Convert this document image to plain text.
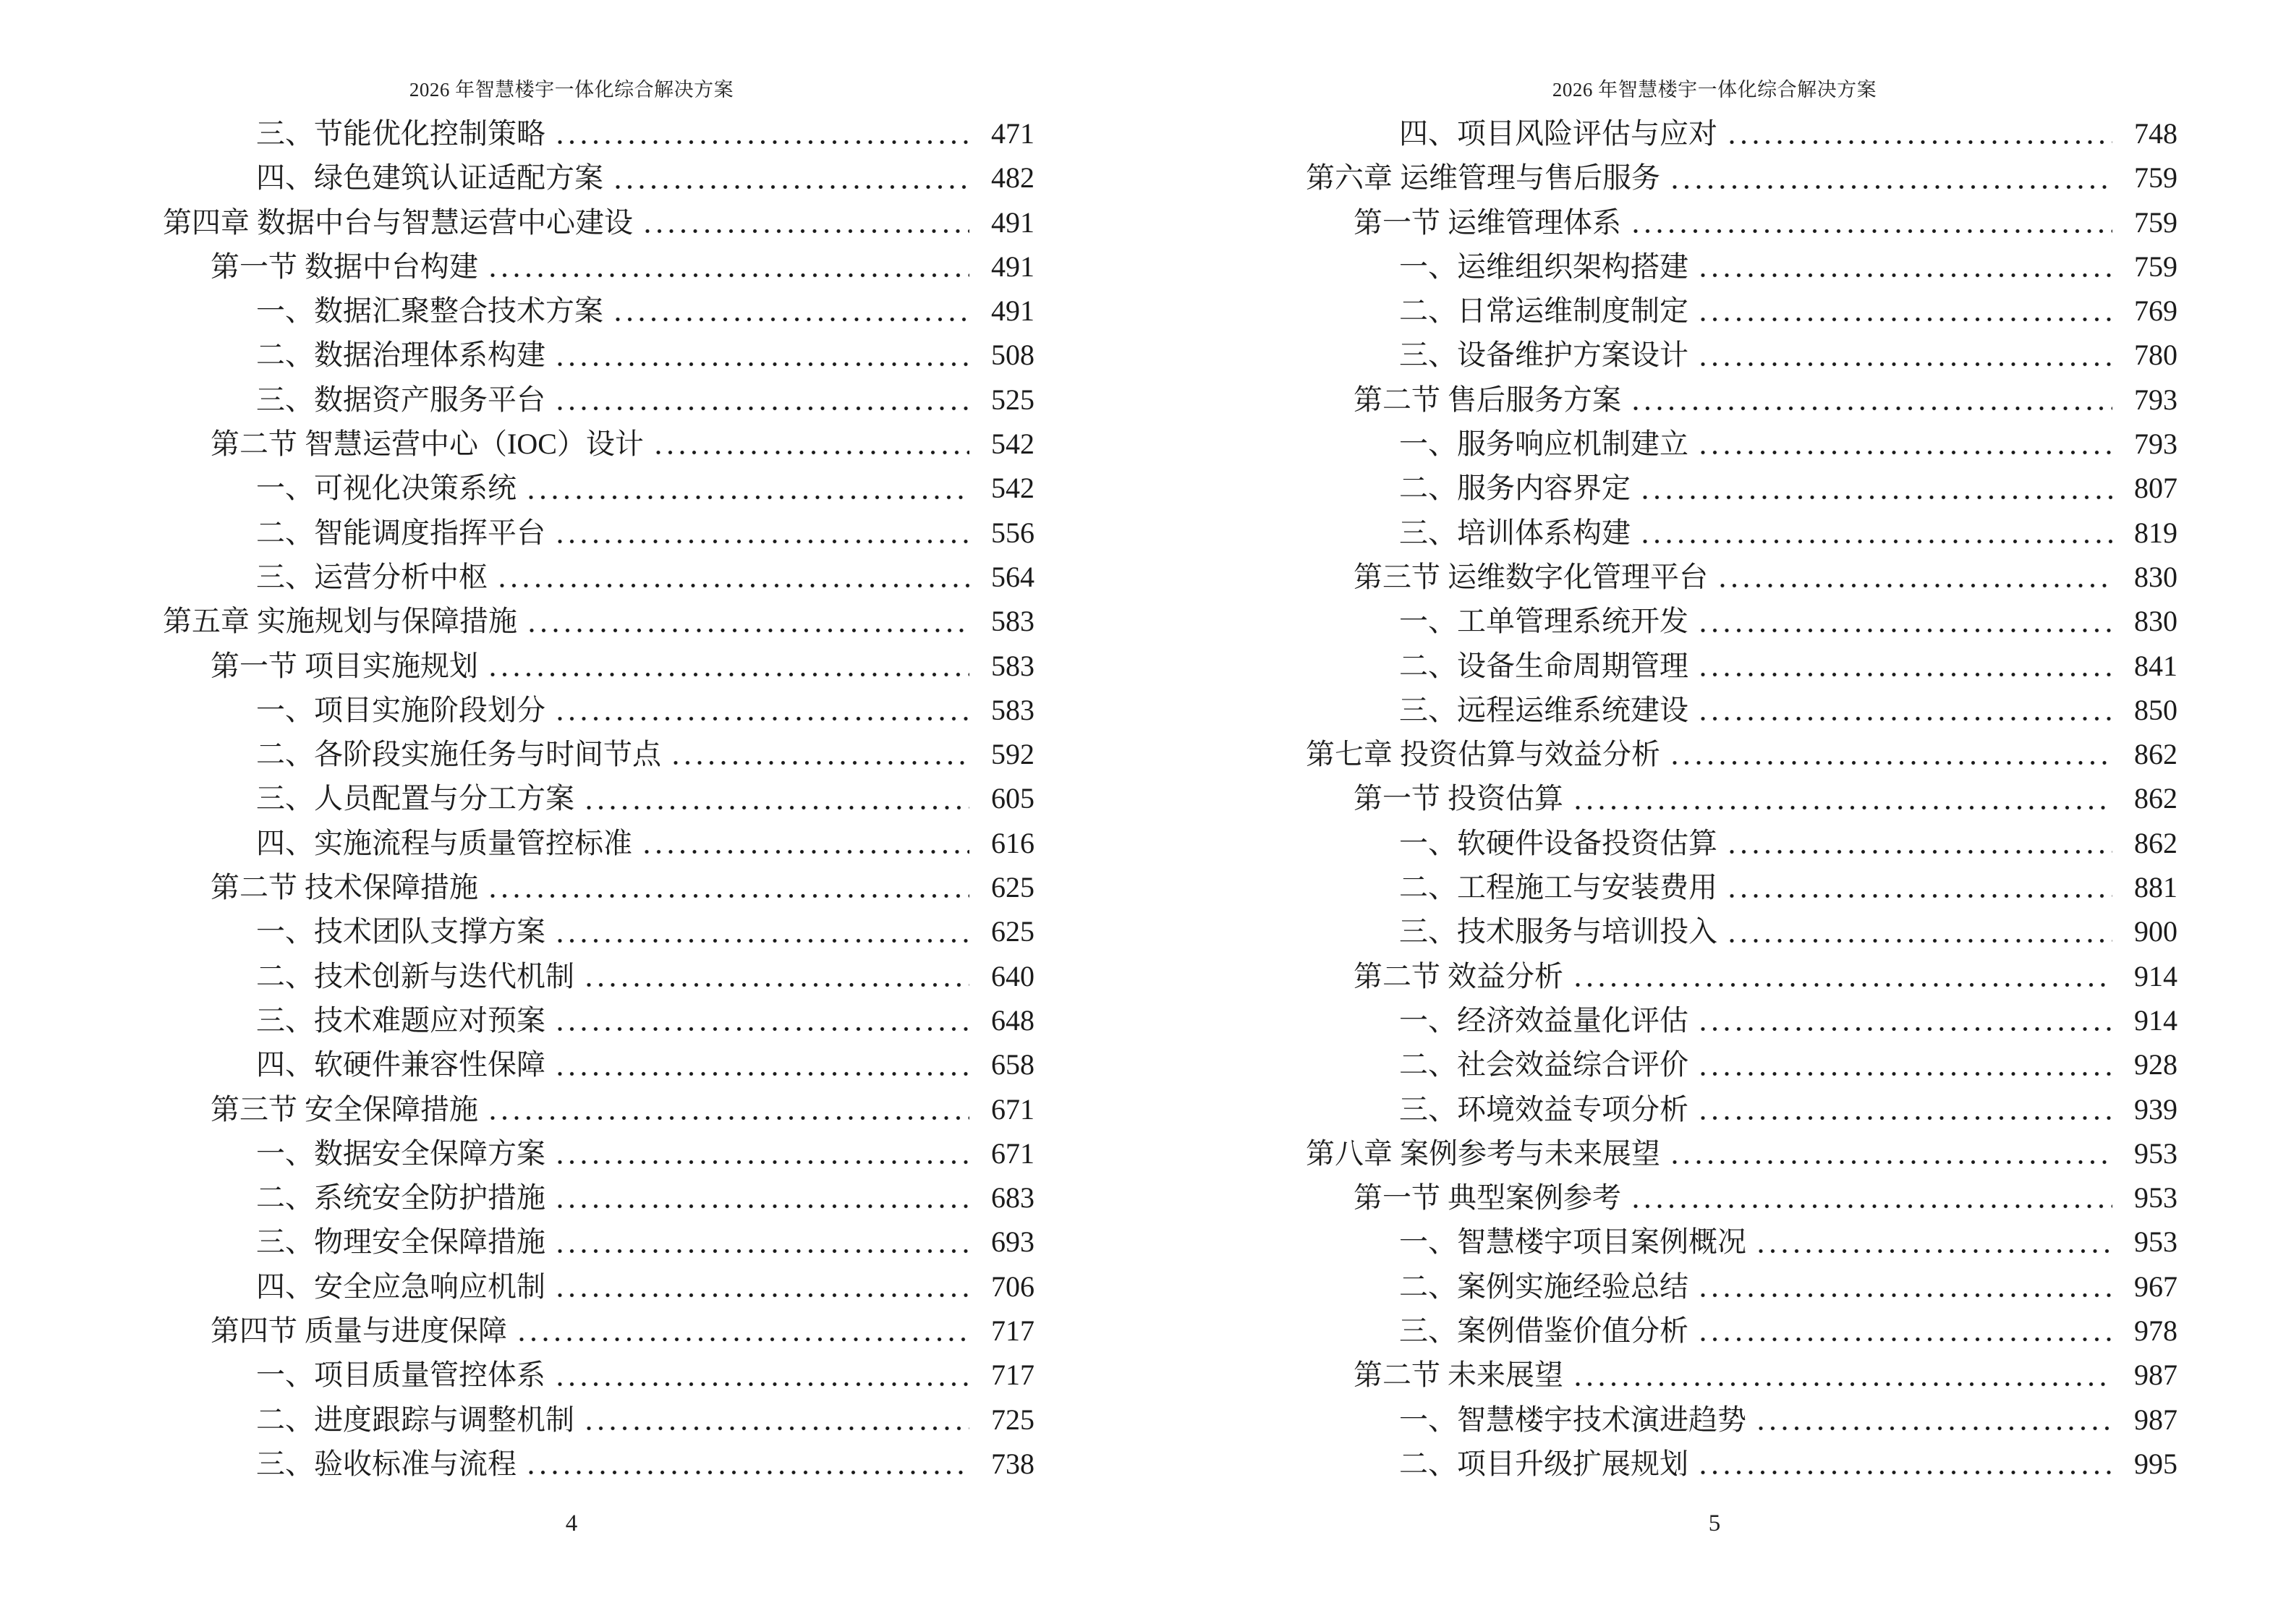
2026 年智慧楼宇一体化综合解决方案
三、节能优化控制策略	471
四、绿色建筑认证适配方案	482
第四章 数据中台与智慧运营中心建设	491
第一节 数据中台构建	491
一、数据汇聚整合技术方案	491
二、数据治理体系构建	508
三、数据资产服务平台	525
第二节 智慧运营中心（IOC）设计	542
一、可视化决策系统	542
二、智能调度指挥平台	556
三、运营分析中枢	564
第五章 实施规划与保障措施	583
第一节 项目实施规划	583
一、项目实施阶段划分	583
二、各阶段实施任务与时间节点	592
三、人员配置与分工方案	605
四、实施流程与质量管控标准	616
第二节 技术保障措施	625
一、技术团队支撑方案	625
二、技术创新与迭代机制	640
三、技术难题应对预案	648
四、软硬件兼容性保障	658
第三节 安全保障措施	671
一、数据安全保障方案	671
二、系统安全防护措施	683
三、物理安全保障措施	693
四、安全应急响应机制	706
第四节 质量与进度保障	717
一、项目质量管控体系	717
二、进度跟踪与调整机制	725
三、验收标准与流程	738
4
2026 年智慧楼宇一体化综合解决方案
四、项目风险评估与应对	748
第六章 运维管理与售后服务	759
第一节 运维管理体系	759
一、运维组织架构搭建	759
二、日常运维制度制定	769
三、设备维护方案设计	780
第二节 售后服务方案	793
一、服务响应机制建立	793
二、服务内容界定	807
三、培训体系构建	819
第三节 运维数字化管理平台	830
一、工单管理系统开发	830
二、设备生命周期管理	841
三、远程运维系统建设	850
第七章 投资估算与效益分析	862
第一节 投资估算	862
一、软硬件设备投资估算	862
二、工程施工与安装费用	881
三、技术服务与培训投入	900
第二节 效益分析	914
一、经济效益量化评估	914
二、社会效益综合评价	928
三、环境效益专项分析	939
第八章 案例参考与未来展望	953
第一节 典型案例参考	953
一、智慧楼宇项目案例概况	953
二、案例实施经验总结	967
三、案例借鉴价值分析	978
第二节 未来展望	987
一、智慧楼宇技术演进趋势	987
二、项目升级扩展规划	995
5
